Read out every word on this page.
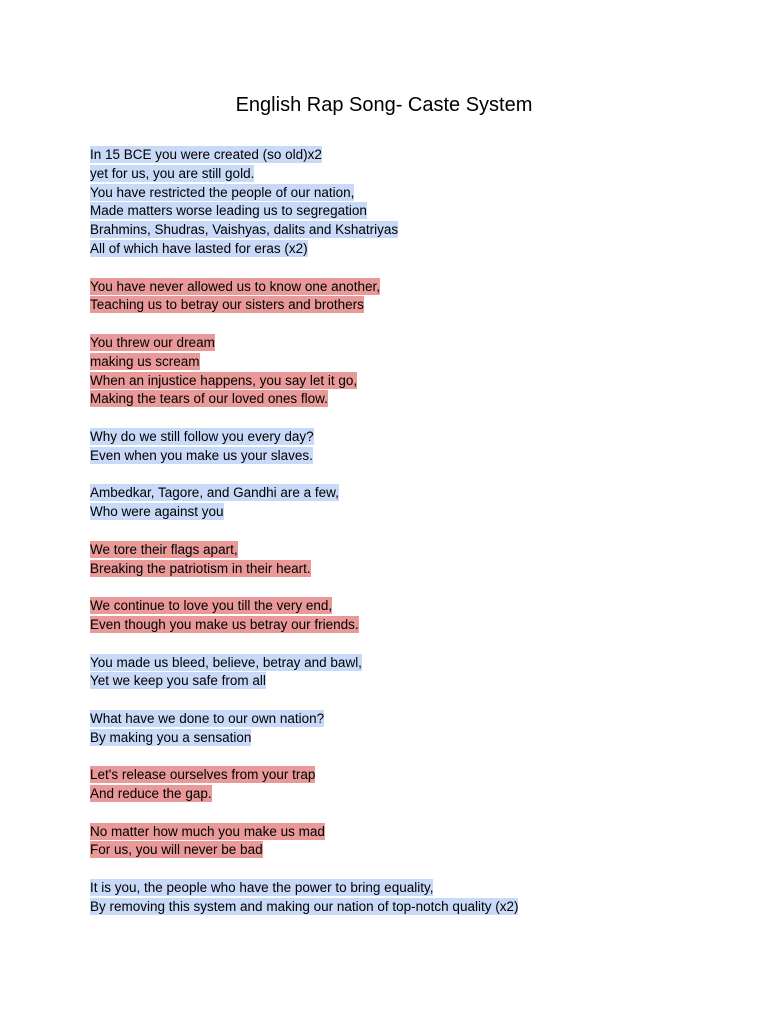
English Rap Song- Caste System
In 15 BCE you were created (so old)x2
yet for us, you are still gold.
You have restricted the people of our nation,
Made matters worse leading us to segregation
Brahmins, Shudras, Vaishyas, dalits and Kshatriyas
All of which have lasted for eras (x2)
You have never allowed us to know one another,
Teaching us to betray our sisters and brothers
You threw our dream
making us scream
When an injustice happens, you say let it go,
Making the tears of our loved ones flow.
Why do we still follow you every day?
Even when you make us your slaves.
Ambedkar, Tagore, and Gandhi are a few,
Who were against you
We tore their flags apart,
Breaking the patriotism in their heart.
We continue to love you till the very end,
Even though you make us betray our friends.
You made us bleed, believe, betray and bawl,
Yet we keep you safe from all
What have we done to our own nation?
By making you a sensation
Let's release ourselves from your trap
And reduce the gap.
No matter how much you make us mad
For us, you will never be bad
It is you, the people who have the power to bring equality,
By removing this system and making our nation of top-notch quality (x2)
